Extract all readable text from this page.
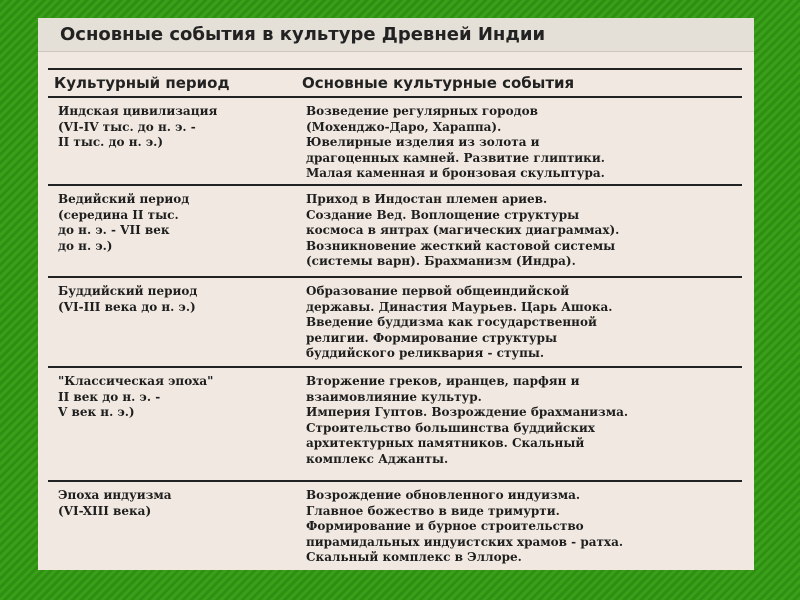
Основные события в культуре Древней Индии
Культурный период	Основные культурные события
Индская цивилизация
(VI-IV тыс. до н. э. -
II тыс. до н. э.)
Возведение регулярных городов
(Мохенджо-Даро, Хараппа).
Ювелирные изделия из золота и
драгоценных камней. Развитие глиптики.
Малая каменная и бронзовая скульптура.
Ведийский период
(середина II тыс.
до н. э. - VII век
до н. э.)
Приход в Индостан племен ариев.
Создание Вед. Воплощение структуры
космоса в янтрах (магических диаграммах).
Возникновение жесткий кастовой системы
(системы варн). Брахманизм (Индра).
Буддийский период
(VI-III века до н. э.)
Образование первой общеиндийской
державы. Династия Маурьев. Царь Ашока.
Введение буддизма как государственной
религии. Формирование структуры
буддийского реликвария - ступы.
"Классическая эпоха"
II век до н. э. -
V век н. э.)
Вторжение греков, иранцев, парфян и
взаимовлияние культур.
Империя Гуптов. Возрождение брахманизма.
Строительство большинства буддийских
архитектурных памятников. Скальный
комплекс Аджанты.
Эпоха индуизма
(VI-XIII века)
Возрождение обновленного индуизма.
Главное божество в виде тримурти.
Формирование и бурное строительство
пирамидальных индуистских храмов - ратха.
Скальный комплекс в Эллоре.
